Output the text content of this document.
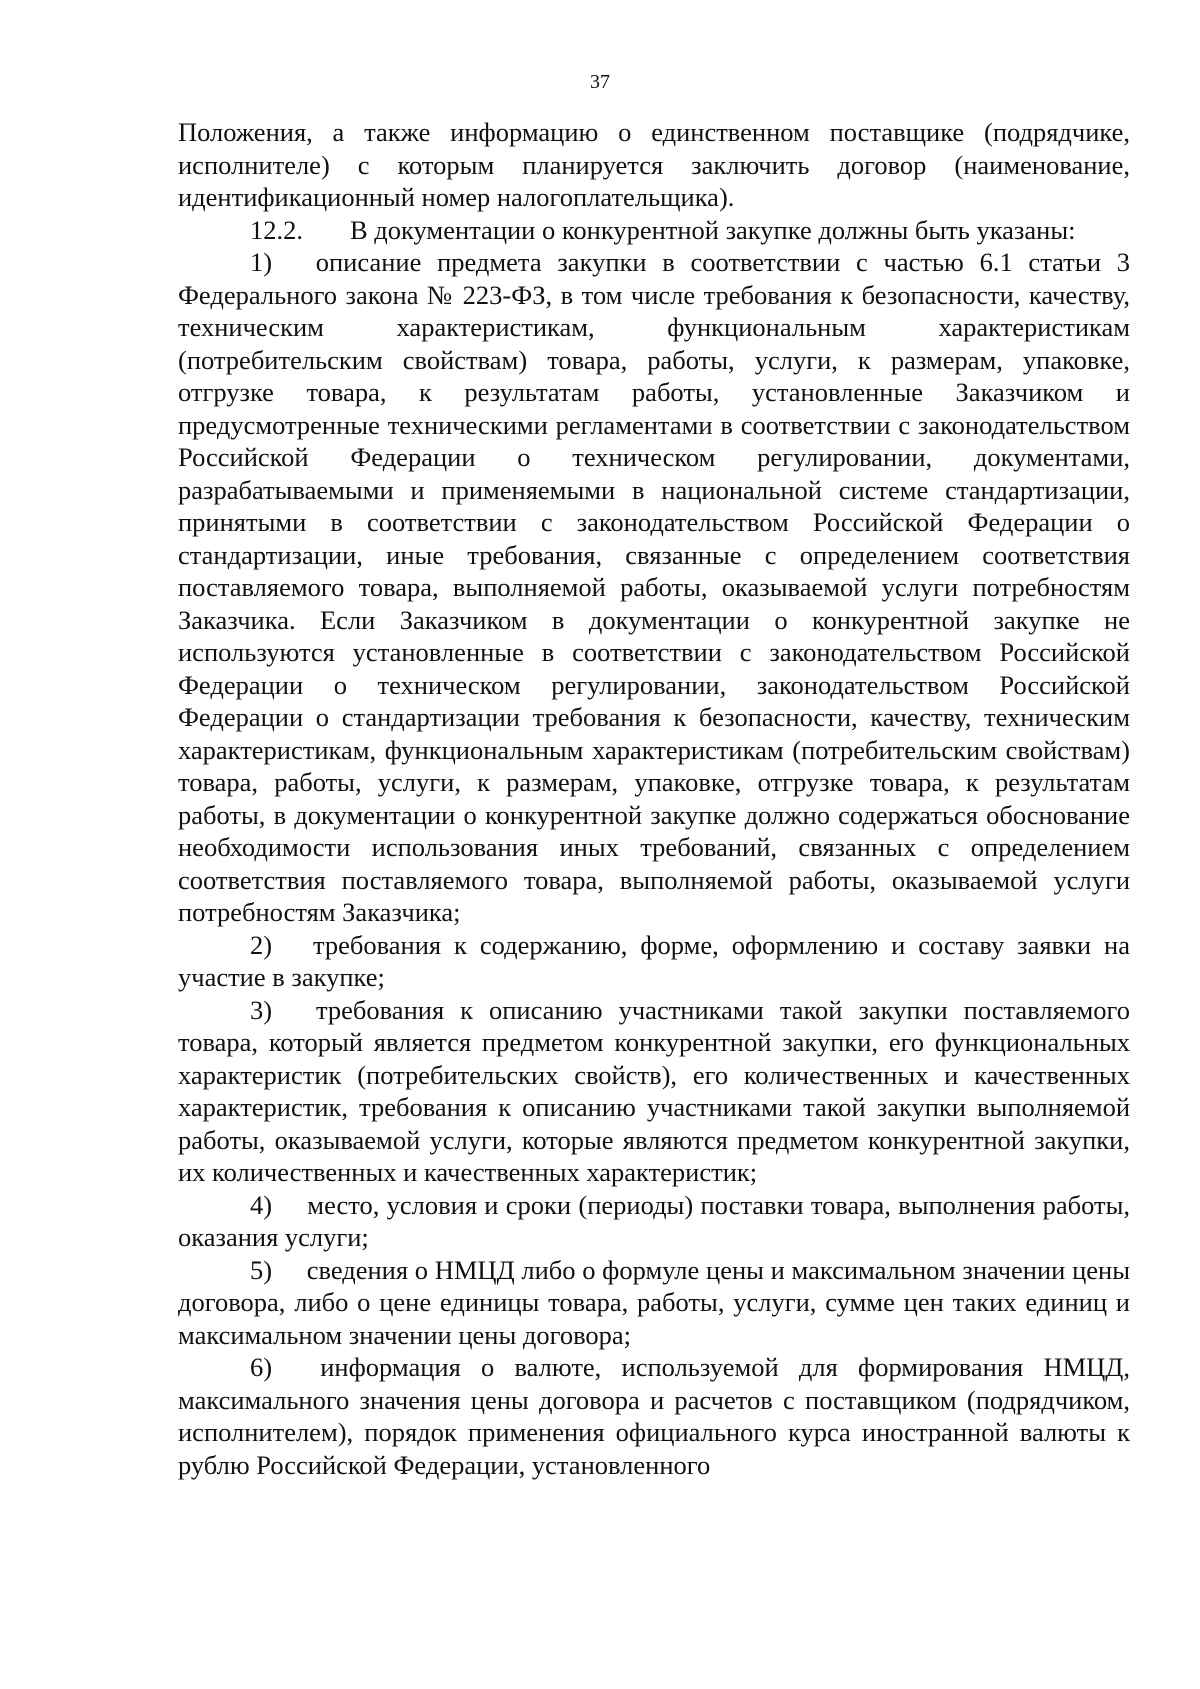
37

Положения, а также информацию о единственном поставщике (подрядчике, исполнителе) с которым планируется заключить договор (наименование, идентификационный номер налогоплательщика).

12.2. В документации о конкурентной закупке должны быть указаны:

1) описание предмета закупки в соответствии с частью 6.1 статьи 3 Федерального закона № 223-ФЗ, в том числе требования к безопасности, качеству, техническим характеристикам, функциональным характеристикам (потребительским свойствам) товара, работы, услуги, к размерам, упаковке, отгрузке товара, к результатам работы, установленные Заказчиком и предусмотренные техническими регламентами в соответствии с законодательством Российской Федерации о техническом регулировании, документами, разрабатываемыми и применяемыми в национальной системе стандартизации, принятыми в соответствии с законодательством Российской Федерации о стандартизации, иные требования, связанные с определением соответствия поставляемого товара, выполняемой работы, оказываемой услуги потребностям Заказчика. Если Заказчиком в документации о конкурентной закупке не используются установленные в соответствии с законодательством Российской Федерации о техническом регулировании, законодательством Российской Федерации о стандартизации требования к безопасности, качеству, техническим характеристикам, функциональным характеристикам (потребительским свойствам) товара, работы, услуги, к размерам, упаковке, отгрузке товара, к результатам работы, в документации о конкурентной закупке должно содержаться обоснование необходимости использования иных требований, связанных с определением соответствия поставляемого товара, выполняемой работы, оказываемой услуги потребностям Заказчика;

2) требования к содержанию, форме, оформлению и составу заявки на участие в закупке;

3) требования к описанию участниками такой закупки поставляемого товара, который является предметом конкурентной закупки, его функциональных характеристик (потребительских свойств), его количественных и качественных характеристик, требования к описанию участниками такой закупки выполняемой работы, оказываемой услуги, которые являются предметом конкурентной закупки, их количественных и качественных характеристик;

4) место, условия и сроки (периоды) поставки товара, выполнения работы, оказания услуги;

5) сведения о НМЦД либо о формуле цены и максимальном значении цены договора, либо о цене единицы товара, работы, услуги, сумме цен таких единиц и максимальном значении цены договора;

6) информация о валюте, используемой для формирования НМЦД, максимального значения цены договора и расчетов с поставщиком (подрядчиком, исполнителем), порядок применения официального курса иностранной валюты к рублю Российской Федерации, установленного
